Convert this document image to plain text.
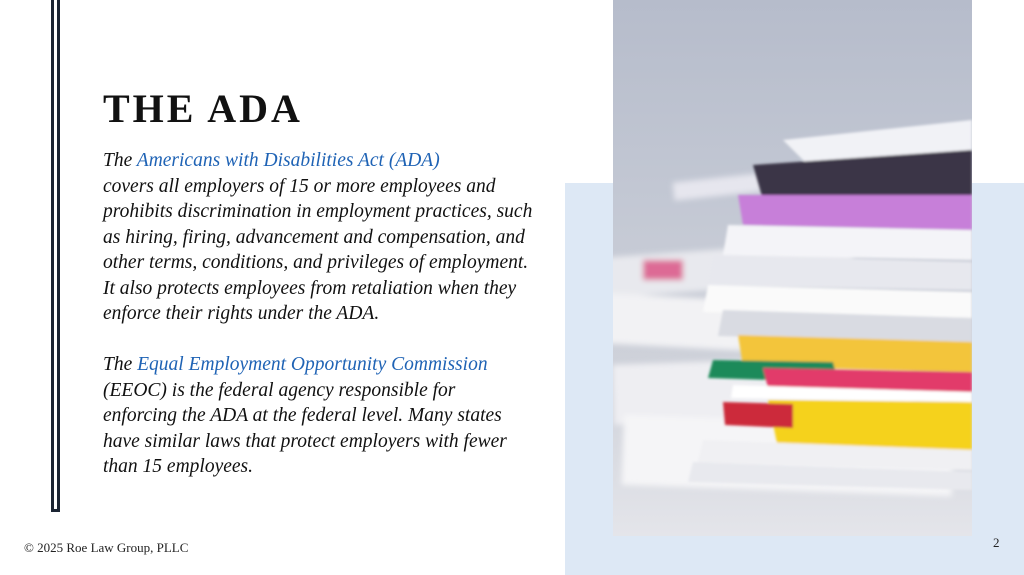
THE ADA

The Americans with Disabilities Act (ADA)
covers all employers of 15 or more employees and prohibits discrimination in employment practices, such as hiring, firing, advancement and compensation, and other terms, conditions, and privileges of employment. It also protects employees from retaliation when they enforce their rights under the ADA.

The Equal Employment Opportunity Commission
(EEOC) is the federal agency responsible for enforcing the ADA at the federal level. Many states have similar laws that protect employers with fewer than 15 employees.

© 2025 Roe Law Group, PLLC	2
